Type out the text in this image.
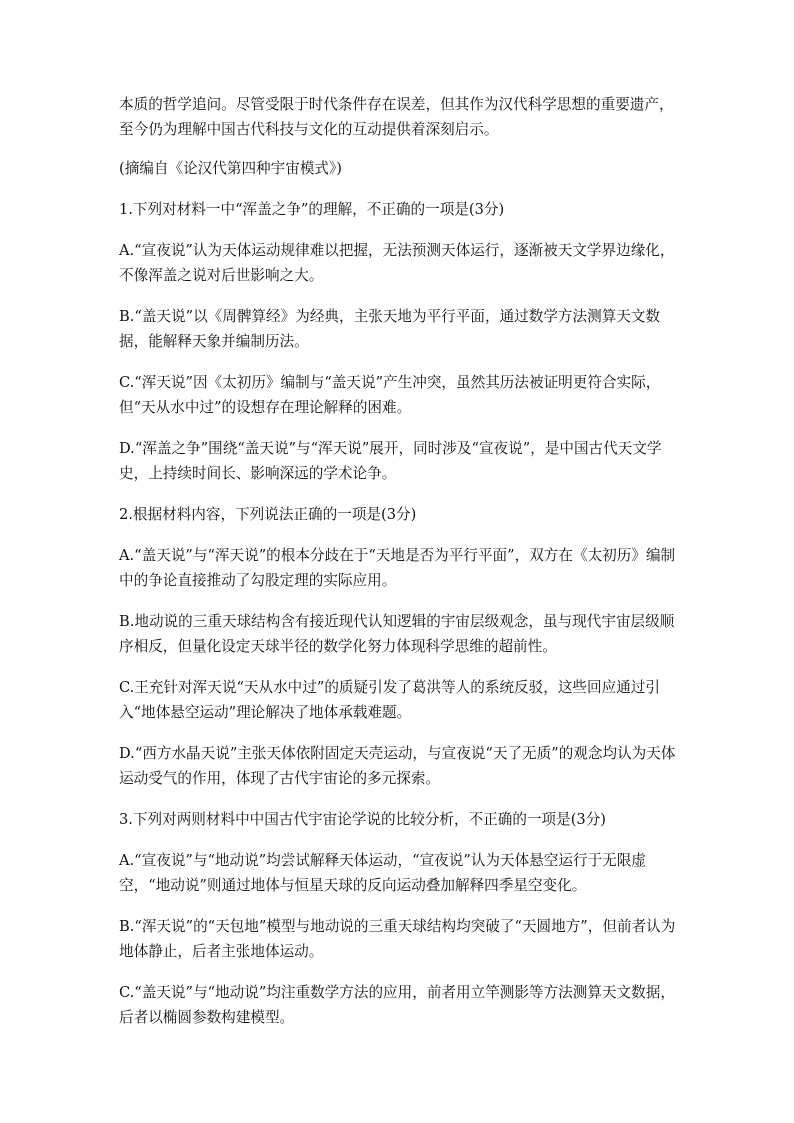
本质的哲学追问。尽管受限于时代条件存在误差，但其作为汉代科学思想的重要遗产，至今仍为理解中国古代科技与文化的互动提供着深刻启示。

(摘编自《论汉代第四种宇宙模式》)

1.下列对材料一中“浑盖之争”的理解，不正确的一项是(3分)

A.“宣夜说”认为天体运动规律难以把握，无法预测天体运行，逐渐被天文学界边缘化，不像浑盖之说对后世影响之大。

B.“盖天说”以《周髀算经》为经典，主张天地为平行平面，通过数学方法测算天文数据，能解释天象并编制历法。

C.“浑天说”因《太初历》编制与“盖天说”产生冲突，虽然其历法被证明更符合实际，但“天从水中过”的设想存在理论解释的困难。

D.“浑盖之争”围绕“盖天说”与“浑天说”展开，同时涉及“宣夜说”，是中国古代天文学史，上持续时间长、影响深远的学术论争。

2.根据材料内容，下列说法正确的一项是(3分)

A.“盖天说”与“浑天说”的根本分歧在于“天地是否为平行平面”，双方在《太初历》编制中的争论直接推动了勾股定理的实际应用。

B.地动说的三重天球结构含有接近现代认知逻辑的宇宙层级观念，虽与现代宇宙层级顺序相反，但量化设定天球半径的数学化努力体现科学思维的超前性。

C.王充针对浑天说“天从水中过”的质疑引发了葛洪等人的系统反驳，这些回应通过引入“地体悬空运动”理论解决了地体承载难题。

D.“西方水晶天说”主张天体依附固定天壳运动，与宣夜说“天了无质”的观念均认为天体运动受气的作用，体现了古代宇宙论的多元探索。

3.下列对两则材料中中国古代宇宙论学说的比较分析，不正确的一项是(3分)

A.“宣夜说”与“地动说”均尝试解释天体运动，“宣夜说”认为天体悬空运行于无限虚空，“地动说”则通过地体与恒星天球的反向运动叠加解释四季星空变化。

B.“浑天说”的“天包地”模型与地动说的三重天球结构均突破了“天圆地方”，但前者认为地体静止，后者主张地体运动。

C.“盖天说”与“地动说”均注重数学方法的应用，前者用立竿测影等方法测算天文数据，后者以椭圆参数构建模型。
